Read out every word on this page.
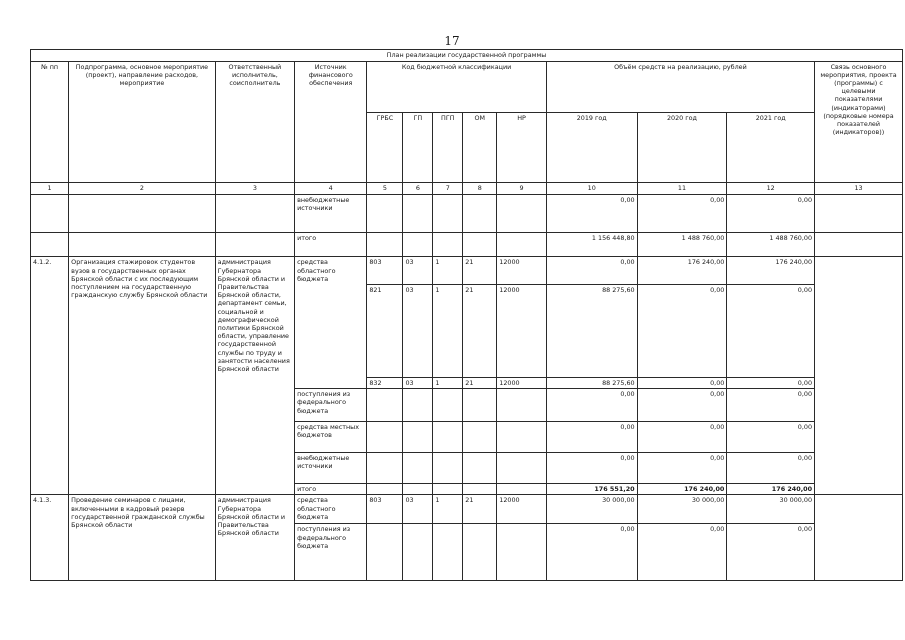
17
План реализации государственной программы												
№ пп	Подпрограмма, основное мероприятие (проект), направление расходов, мероприятие	Ответственный исполнитель, соисполнитель	Источник финансового обеспечения	Код бюджетной классификации					Объём средств на реализацию, рублей			Связь основного мероприятия, проекта (программы) с целевыми показателями (индикаторами) (порядковые номера показателей (индикаторов))
				ГРБС	ГП	ПГП	ОМ	НР	2019 год	2020 год	2021 год	
1	2	3	4	5	6	7	8	9	10	11	12	13
			внебюджетные источники						0,00	0,00	0,00	
			итого						1 156 448,80	1 488 760,00	1 488 760,00	
4.1.2.	Организация стажировок студентов вузов в государственных органах Брянской области с их последующим поступлением на государственную гражданскую службу Брянской области	администрация Губернатора Брянской области и Правительства Брянской области, департамент семьи, социальной и демографической политики Брянской области, управление государственной службы по труду и занятости населения Брянской области	средства областного бюджета	803	03	1	21	12000	0,00	176 240,00	176 240,00	
				821	03	1	21	12000	88 275,60	0,00	0,00	
				832	03	1	21	12000	88 275,60	0,00	0,00	
			поступления из федерального бюджета						0,00	0,00	0,00	
			средства местных бюджетов						0,00	0,00	0,00	
			внебюджетные источники						0,00	0,00	0,00	
			итого						176 551,20	176 240,00	176 240,00	
4.1.3.	Проведение семинаров с лицами, включенными в кадровый резерв государственной гражданской службы Брянской области	администрация Губернатора Брянской области и Правительства Брянской области	средства областного бюджета	803	03	1	21	12000	30 000,00	30 000,00	30 000,00	
			поступления из федерального бюджета						0,00	0,00	0,00	
